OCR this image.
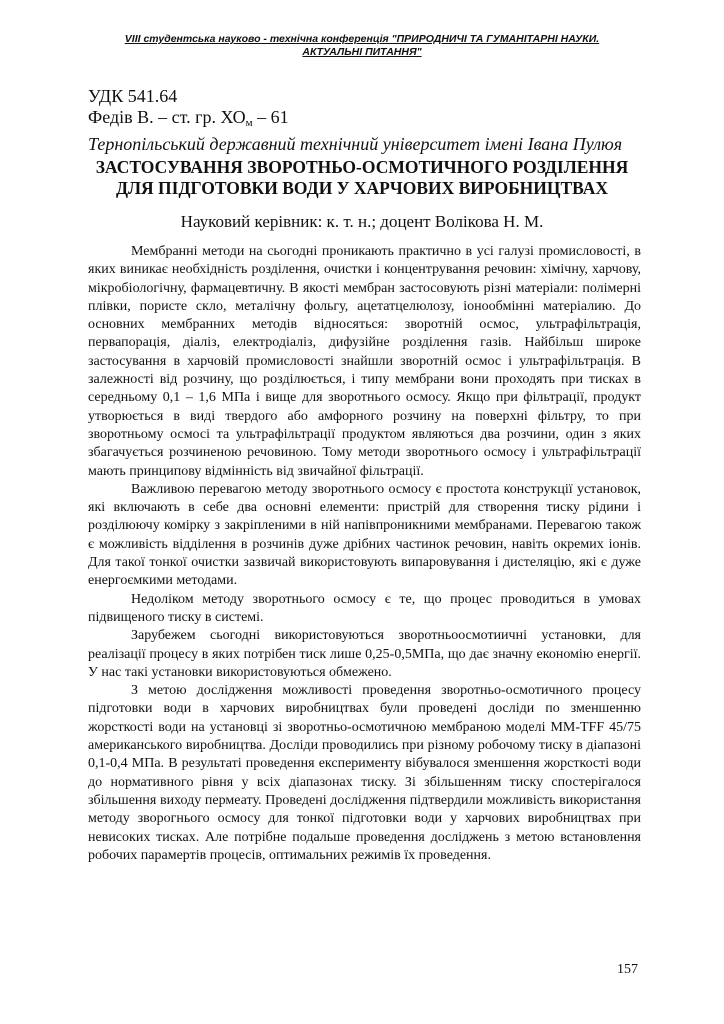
VIII студентська науково - технічна конференція "ПРИРОДНИЧІ ТА ГУМАНІТАРНІ НАУКИ.
АКТУАЛЬНІ ПИТАННЯ"
УДК 541.64
Федів В. – ст. гр. $ХО_м - 61$
Тернопільський державний технічний університет імені Івана Пулюя
ЗАСТОСУВАННЯ ЗВОРОТНЬО-ОСМОТИЧНОГО РОЗДІЛЕННЯ
ДЛЯ ПІДГОТОВКИ ВОДИ У ХАРЧОВИХ ВИРОБНИЦТВАХ
Науковий керівник: к. т. н.; доцент Волікова Н. М.

Мембранні методи на сьогодні проникають практично в усі галузі промисловості, в яких виникає необхідність розділення, очистки і концентрування речовин: хімічну, харчову, мікробіологічну, фармацевтичну. В якості мембран застосовують різні матеріали: полімерні плівки, пористе скло, металічну фольгу, ацетатцелюлозу, іонообмінні матеріалию. До основних мембранних методів відносяться: зворотній осмос, ультрафільтрація, первапорація, діаліз, електродіаліз, дифузійне розділення газів. Найбільш широке застосування в харчовій промисловості знайшли зворотній осмос і ультрафільтрація. В залежності від розчину, що розділюється, і типу мембрани вони проходять при тисках в середньому 0,1 – 1,6 МПа і вище для зворотнього осмосу. Якщо при фільтрації, продукт утворюється в виді твердого або амфорного розчину на поверхні фільтру, то при зворотньому осмосі та ультрафільтрації продуктом являються два розчини, один з яких збагачується розчиненою речовиною. Тому методи зворотнього осмосу і ультрафільтрації мають принципову відмінність від звичайної фільтрації.

Важливою перевагою методу зворотнього осмосу є простота конструкції установок, які включають в себе два основні елементи: пристрій для створення тиску рідини і розділюючу комірку з закріпленими в ній напівпроникними мембранами. Перевагою також є можливість відділення в розчинів дуже дрібних частинок речовин, навіть окремих іонів. Для такої тонкої очистки зазвичай використовують випаровування і дистеляцію, які є дуже енергоємкими методами.

Недоліком методу зворотнього осмосу є те, що процес проводиться в умовах підвищеного тиску в системі.

Зарубежем сьогодні використовуються зворотньоосмотиичні установки, для реалізації процесу в яких потрібен тиск лише 0,25-0,5МПа, що дає значну економію енергії. У нас такі установки використовуються обмежено.

З метою дослідження можливості проведення зворотньо-осмотичного процесу підготовки води в харчових виробництвах були проведені досліди по зменшенню жорсткості води на установці зі зворотньо-осмотичною мембраною моделі ММ-TFF 45/75 американського виробництва. Досліди проводились при різному робочому тиску в діапазоні 0,1-0,4 МПа. В результаті проведення експерименту вібувалося зменшення жорсткості води до нормативного рівня у всіх діапазонах тиску. Зі збільшенням тиску спостерігалося збільшення виходу пермеату. Проведені дослідження підтвердили можливість використання методу зворогнього осмосу для тонкої підготовки води у харчових виробництвах при невисоких тисках. Але потрібне подальше проведення досліджень з метою встановлення робочих парамертів процесів, оптимальних режимів їх проведення.

157
